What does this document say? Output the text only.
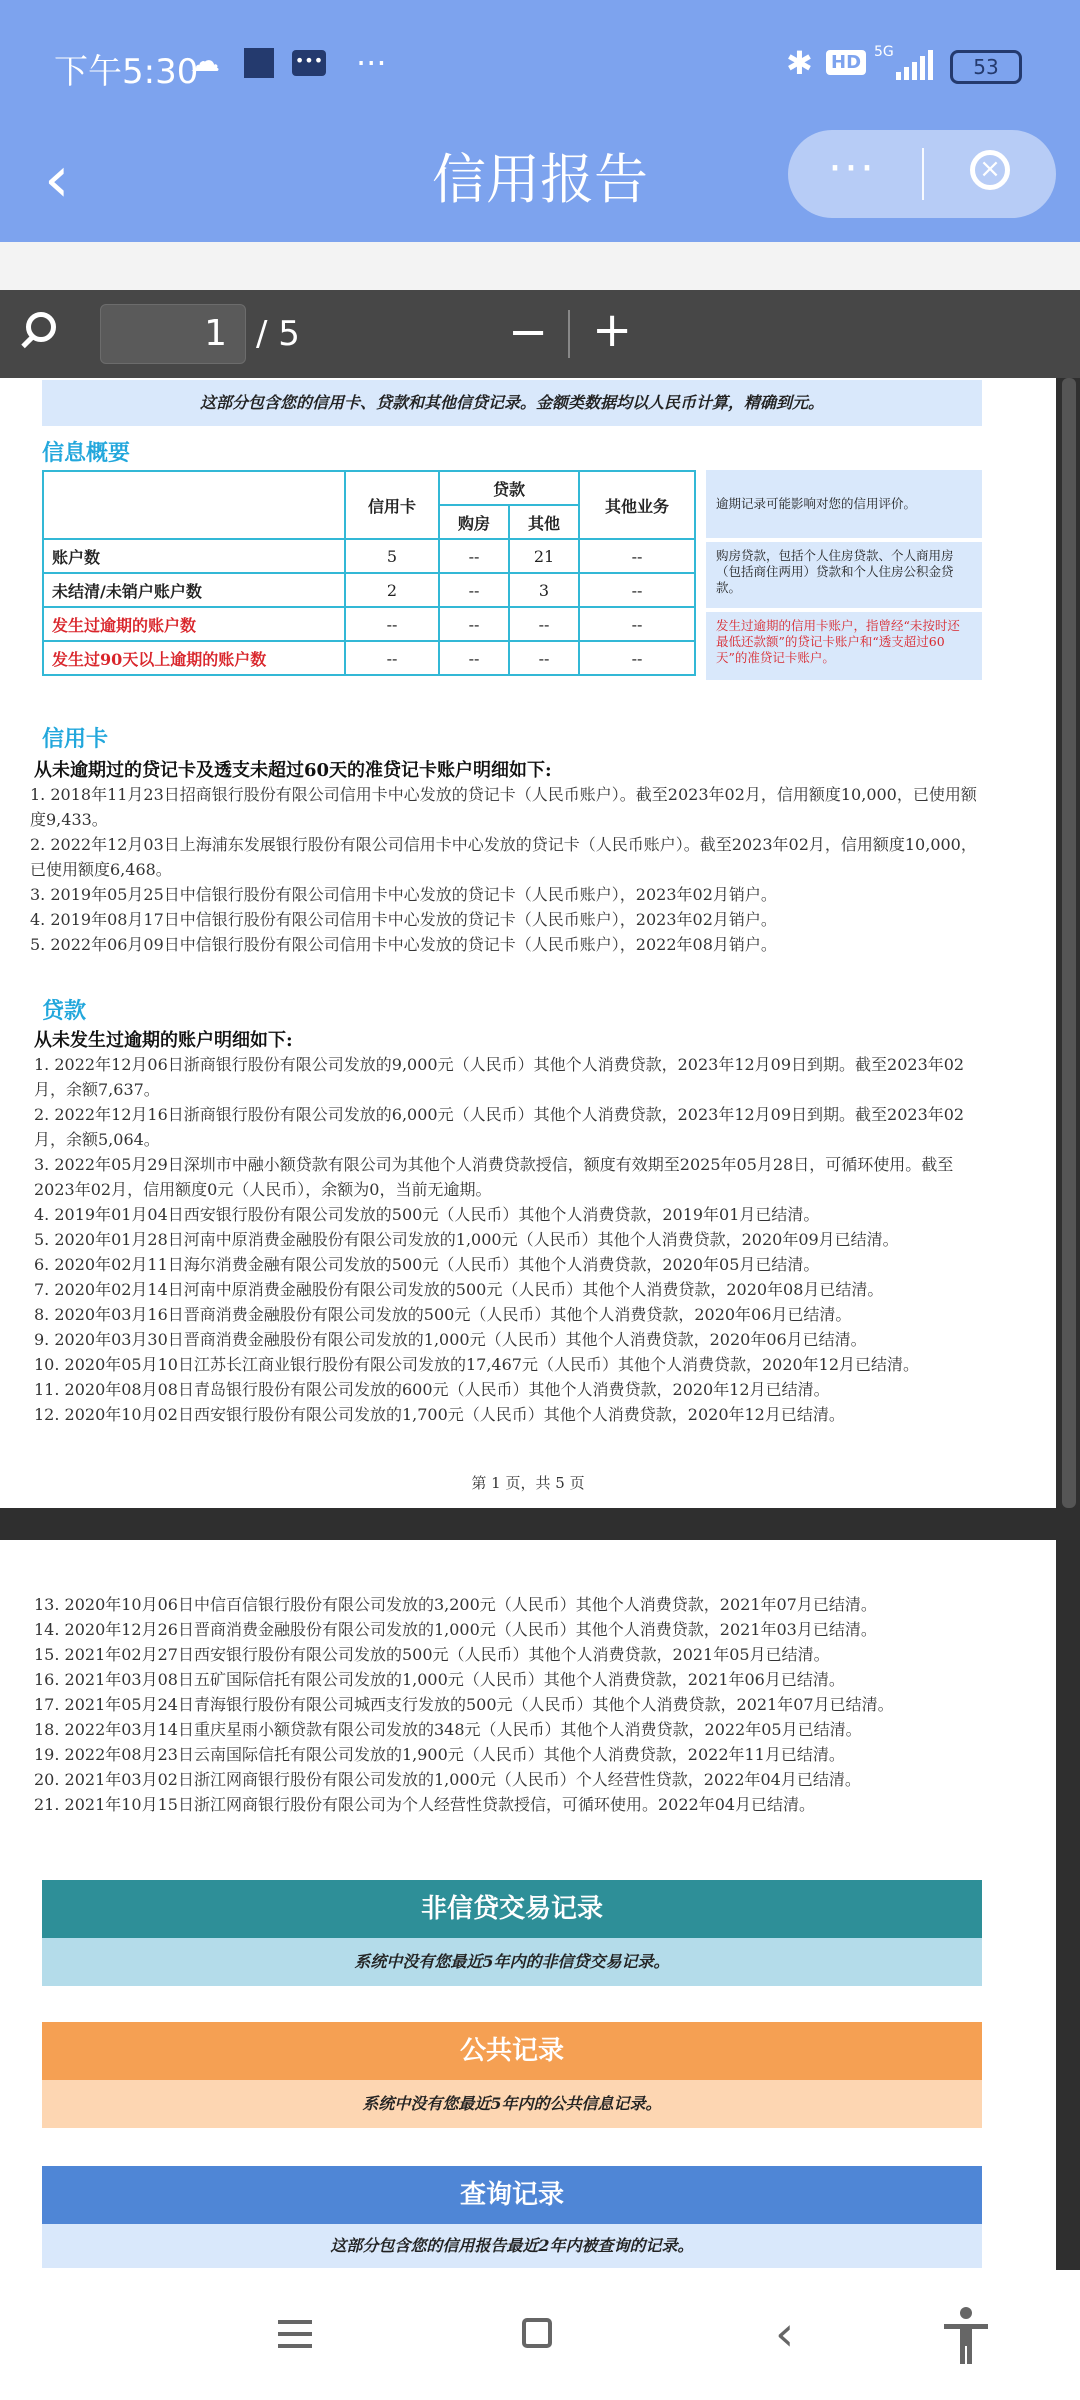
下午5:30
☁	••• ···	✱ HD 5G
53
‹	信用报告	···	×
1 / 5	− +
这部分包含您的信用卡、贷款和其他信贷记录。金额类数据均以人民币计算，精确到元。
信息概要
	信用卡	贷款		其他业务
		购房	其他	
账户数	5	--	21	--
未结清/未销户账户数	2	--	3	--
发生过逾期的账户数	--	--	--	--
发生过90天以上逾期的账户数	--	--	--	--
逾期记录可能影响对您的信用评价。
购房贷款，包括个人住房贷款、个人商用房（包括商住两用）贷款和个人住房公积金贷款。
发生过逾期的信用卡账户，指曾经“未按时还最低还款额”的贷记卡账户和“透支超过60天”的准贷记卡账户。
信用卡
从未逾期过的贷记卡及透支未超过60天的准贷记卡账户明细如下:
1. 2018年11月23日招商银行股份有限公司信用卡中心发放的贷记卡（人民币账户）。截至2023年02月，信用额度10,000，已使用额度9,433。
2. 2022年12月03日上海浦东发展银行股份有限公司信用卡中心发放的贷记卡（人民币账户）。截至2023年02月，信用额度10,000，已使用额度6,468。
3. 2019年05月25日中信银行股份有限公司信用卡中心发放的贷记卡（人民币账户），2023年02月销户。
4. 2019年08月17日中信银行股份有限公司信用卡中心发放的贷记卡（人民币账户），2023年02月销户。
5. 2022年06月09日中信银行股份有限公司信用卡中心发放的贷记卡（人民币账户），2022年08月销户。
贷款
从未发生过逾期的账户明细如下:
1. 2022年12月06日浙商银行股份有限公司发放的9,000元（人民币）其他个人消费贷款，2023年12月09日到期。截至2023年02月，余额7,637。
2. 2022年12月16日浙商银行股份有限公司发放的6,000元（人民币）其他个人消费贷款，2023年12月09日到期。截至2023年02月，余额5,064。
3. 2022年05月29日深圳市中融小额贷款有限公司为其他个人消费贷款授信，额度有效期至2025年05月28日，可循环使用。截至2023年02月，信用额度0元（人民币），余额为0，当前无逾期。
4. 2019年01月04日西安银行股份有限公司发放的500元（人民币）其他个人消费贷款，2019年01月已结清。
5. 2020年01月28日河南中原消费金融股份有限公司发放的1,000元（人民币）其他个人消费贷款，2020年09月已结清。
6. 2020年02月11日海尔消费金融有限公司发放的500元（人民币）其他个人消费贷款，2020年05月已结清。
7. 2020年02月14日河南中原消费金融股份有限公司发放的500元（人民币）其他个人消费贷款，2020年08月已结清。
8. 2020年03月16日晋商消费金融股份有限公司发放的500元（人民币）其他个人消费贷款，2020年06月已结清。
9. 2020年03月30日晋商消费金融股份有限公司发放的1,000元（人民币）其他个人消费贷款，2020年06月已结清。
10. 2020年05月10日江苏长江商业银行股份有限公司发放的17,467元（人民币）其他个人消费贷款，2020年12月已结清。
11. 2020年08月08日青岛银行股份有限公司发放的600元（人民币）其他个人消费贷款，2020年12月已结清。
12. 2020年10月02日西安银行股份有限公司发放的1,700元（人民币）其他个人消费贷款，2020年12月已结清。
第 1 页，共 5 页
13. 2020年10月06日中信百信银行股份有限公司发放的3,200元（人民币）其他个人消费贷款，2021年07月已结清。
14. 2020年12月26日晋商消费金融股份有限公司发放的1,000元（人民币）其他个人消费贷款，2021年03月已结清。
15. 2021年02月27日西安银行股份有限公司发放的500元（人民币）其他个人消费贷款，2021年05月已结清。
16. 2021年03月08日五矿国际信托有限公司发放的1,000元（人民币）其他个人消费贷款，2021年06月已结清。
17. 2021年05月24日青海银行股份有限公司城西支行发放的500元（人民币）其他个人消费贷款，2021年07月已结清。
18. 2022年03月14日重庆星雨小额贷款有限公司发放的348元（人民币）其他个人消费贷款，2022年05月已结清。
19. 2022年08月23日云南国际信托有限公司发放的1,900元（人民币）其他个人消费贷款，2022年11月已结清。
20. 2021年03月02日浙江网商银行股份有限公司发放的1,000元（人民币）个人经营性贷款，2022年04月已结清。
21. 2021年10月15日浙江网商银行股份有限公司为个人经营性贷款授信，可循环使用。2022年04月已结清。
非信贷交易记录
系统中没有您最近5年内的非信贷交易记录。
公共记录
系统中没有您最近5年内的公共信息记录。
查询记录
这部分包含您的信用报告最近2年内被查询的记录。
‹
